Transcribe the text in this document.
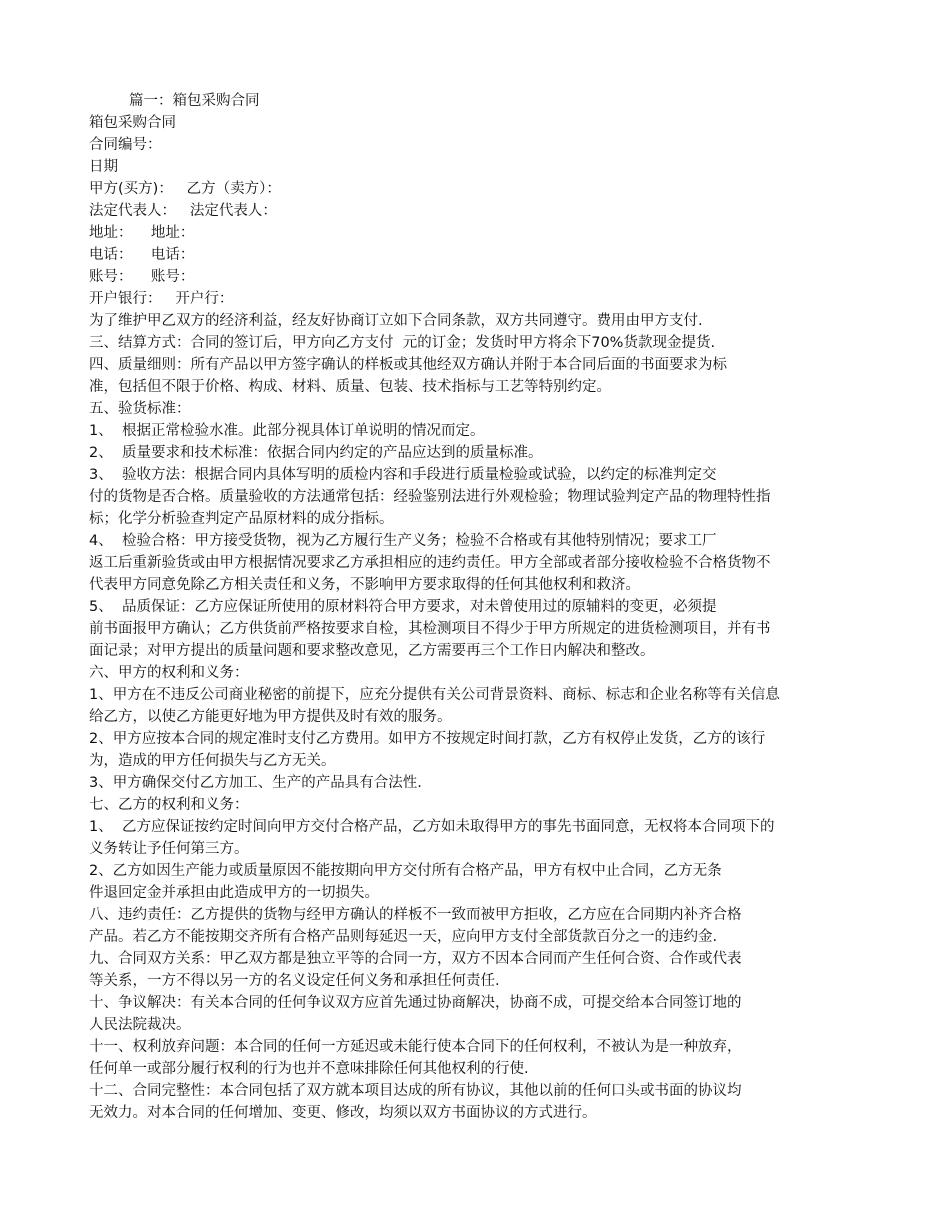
篇一：箱包采购合同
箱包采购合同
合同编号：
日期
甲方(买方)：   乙方（卖方）：
法定代表人：   法定代表人：
地址：    地址：
电话：    电话：
账号：    账号：
开户银行：   开户行：
为了维护甲乙双方的经济利益，经友好协商订立如下合同条款，双方共同遵守。费用由甲方支付.
三、结算方式：合同的签订后，甲方向乙方支付  元的订金；发货时甲方将余下70%货款现金提货.
四、质量细则：所有产品以甲方签字确认的样板或其他经双方确认并附于本合同后面的书面要求为标
准，包括但不限于价格、构成、材料、质量、包装、技术指标与工艺等特别约定。
五、验货标准：
1、  根据正常检验水准。此部分视具体订单说明的情况而定。
2、  质量要求和技术标准：依据合同内约定的产品应达到的质量标准。
3、  验收方法：根据合同内具体写明的质检内容和手段进行质量检验或试验，以约定的标准判定交
付的货物是否合格。质量验收的方法通常包括：经验鉴别法进行外观检验；物理试验判定产品的物理特性指
标；化学分析验查判定产品原材料的成分指标。
4、  检验合格：甲方接受货物，视为乙方履行生产义务；检验不合格或有其他特别情况；要求工厂
返工后重新验货或由甲方根据情况要求乙方承担相应的违约责任。甲方全部或者部分接收检验不合格货物不
代表甲方同意免除乙方相关责任和义务，不影响甲方要求取得的任何其他权利和救济。
5、  品质保证：乙方应保证所使用的原材料符合甲方要求，对未曾使用过的原辅料的变更，必须提
前书面报甲方确认；乙方供货前严格按要求自检，其检测项目不得少于甲方所规定的进货检测项目，并有书
面记录；对甲方提出的质量问题和要求整改意见，乙方需要再三个工作日内解决和整改。
六、甲方的权利和义务：
1、甲方在不违反公司商业秘密的前提下，应充分提供有关公司背景资料、商标、标志和企业名称等有关信息
给乙方，以使乙方能更好地为甲方提供及时有效的服务。
2、甲方应按本合同的规定准时支付乙方费用。如甲方不按规定时间打款，乙方有权停止发货，乙方的该行
为，造成的甲方任何损失与乙方无关。
3、甲方确保交付乙方加工、生产的产品具有合法性.
七、乙方的权利和义务：
1、  乙方应保证按约定时间向甲方交付合格产品，乙方如未取得甲方的事先书面同意，无权将本合同项下的
义务转让予任何第三方。
2、乙方如因生产能力或质量原因不能按期向甲方交付所有合格产品，甲方有权中止合同，乙方无条
件退回定金并承担由此造成甲方的一切损失。
八、违约责任：乙方提供的货物与经甲方确认的样板不一致而被甲方拒收，乙方应在合同期内补齐合格
产品。若乙方不能按期交齐所有合格产品则每延迟一天，应向甲方支付全部货款百分之一的违约金.
九、合同双方关系：甲乙双方都是独立平等的合同一方，双方不因本合同而产生任何合资、合作或代表
等关系，一方不得以另一方的名义设定任何义务和承担任何责任.
十、争议解决：有关本合同的任何争议双方应首先通过协商解决，协商不成，可提交给本合同签订地的
人民法院裁决。
十一、权利放弃问题：本合同的任何一方延迟或未能行使本合同下的任何权利，不被认为是一种放弃，
任何单一或部分履行权利的行为也并不意味排除任何其他权利的行使.
十二、合同完整性：本合同包括了双方就本项目达成的所有协议，其他以前的任何口头或书面的协议均
无效力。对本合同的任何增加、变更、修改，均须以双方书面协议的方式进行。
